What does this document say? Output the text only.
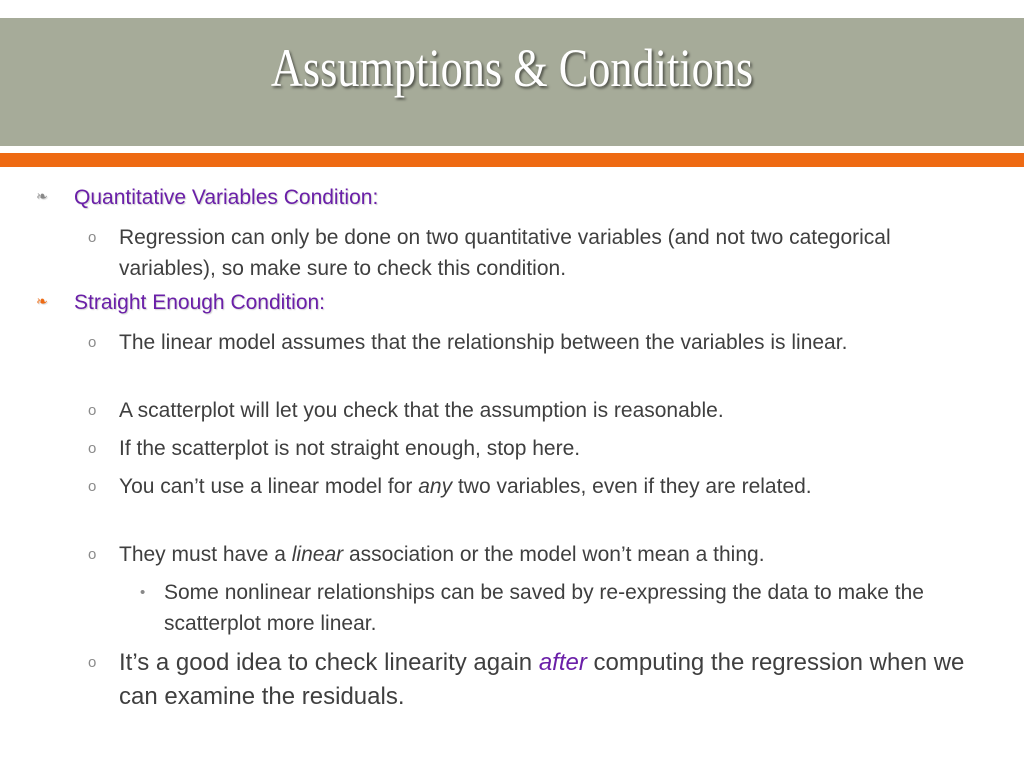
Assumptions & Conditions
❧ Quantitative Variables Condition:
o Regression can only be done on two quantitative variables (and not two categorical variables), so make sure to check this condition.
❧ Straight Enough Condition:
o The linear model assumes that the relationship between the variables is linear.
o A scatterplot will let you check that the assumption is reasonable.
o If the scatterplot is not straight enough, stop here.
o You can’t use a linear model for any two variables, even if they are related.
o They must have a linear association or the model won’t mean a thing.
• Some nonlinear relationships can be saved by re-expressing the data to make the scatterplot more linear.
o It’s a good idea to check linearity again after computing the regression when we can examine the residuals.
